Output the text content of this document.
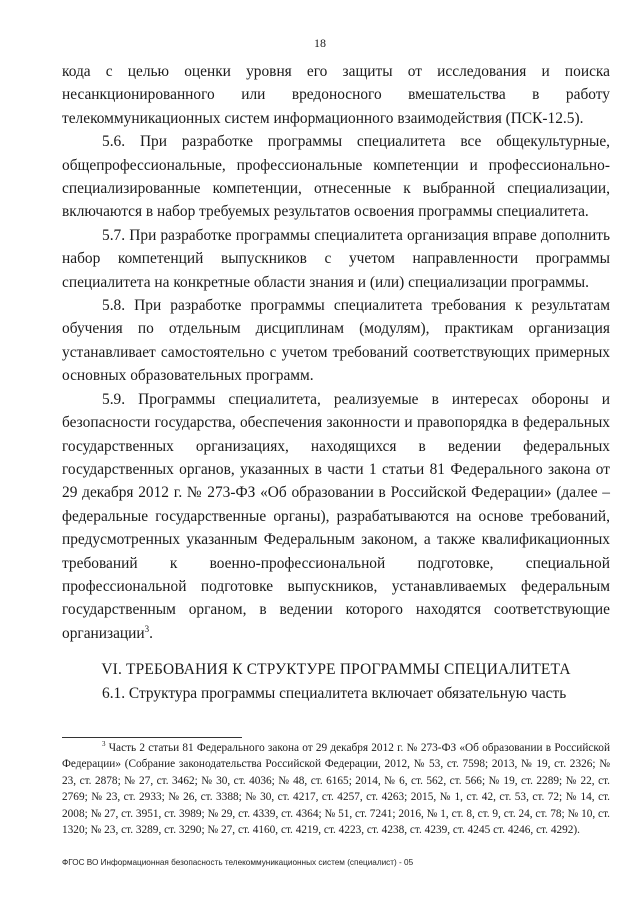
18

кода с целью оценки уровня его защиты от исследования и поиска несанкционированного или вредоносного вмешательства в работу телекоммуникационных систем информационного взаимодействия (ПСК-12.5).

5.6. При разработке программы специалитета все общекультурные, общепрофессиональные, профессиональные компетенции и профессионально-специализированные компетенции, отнесенные к выбранной специализации, включаются в набор требуемых результатов освоения программы специалитета.

5.7. При разработке программы специалитета организация вправе дополнить набор компетенций выпускников с учетом направленности программы специалитета на конкретные области знания и (или) специализации программы.

5.8. При разработке программы специалитета требования к результатам обучения по отдельным дисциплинам (модулям), практикам организация устанавливает самостоятельно с учетом требований соответствующих примерных основных образовательных программ.

5.9. Программы специалитета, реализуемые в интересах обороны и безопасности государства, обеспечения законности и правопорядка в федеральных государственных организациях, находящихся в ведении федеральных государственных органов, указанных в части 1 статьи 81 Федерального закона от 29 декабря 2012 г. № 273-ФЗ «Об образовании в Российской Федерации» (далее – федеральные государственные органы), разрабатываются на основе требований, предусмотренных указанным Федеральным законом, а также квалификационных требований к военно-профессиональной подготовке, специальной профессиональной подготовке выпускников, устанавливаемых федеральным государственным органом, в ведении которого находятся соответствующие организации$^3$.

VI. ТРЕБОВАНИЯ К СТРУКТУРЕ ПРОГРАММЫ СПЕЦИАЛИТЕТА

6.1. Структура программы специалитета включает обязательную часть

$^3$ Часть 2 статьи 81 Федерального закона от 29 декабря 2012 г. № 273-ФЗ «Об образовании в Российской Федерации» (Собрание законодательства Российской Федерации, 2012, № 53, ст. 7598; 2013, № 19, ст. 2326; № 23, ст. 2878; № 27, ст. 3462; № 30, ст. 4036; № 48, ст. 6165; 2014, № 6, ст. 562, ст. 566; № 19, ст. 2289; № 22, ст. 2769; № 23, ст. 2933; № 26, ст. 3388; № 30, ст. 4217, ст. 4257, ст. 4263; 2015, № 1, ст. 42, ст. 53, ст. 72; № 14, ст. 2008; № 27, ст. 3951, ст. 3989; № 29, ст. 4339, ст. 4364; № 51, ст. 7241; 2016, № 1, ст. 8, ст. 9, ст. 24, ст. 78; № 10, ст. 1320; № 23, ст. 3289, ст. 3290; № 27, ст. 4160, ст. 4219, ст. 4223, ст. 4238, ст. 4239, ст. 4245 ст. 4246, ст. 4292).

ФГОС ВО Информационная безопасность телекоммуникационных систем (специалист) - 05
